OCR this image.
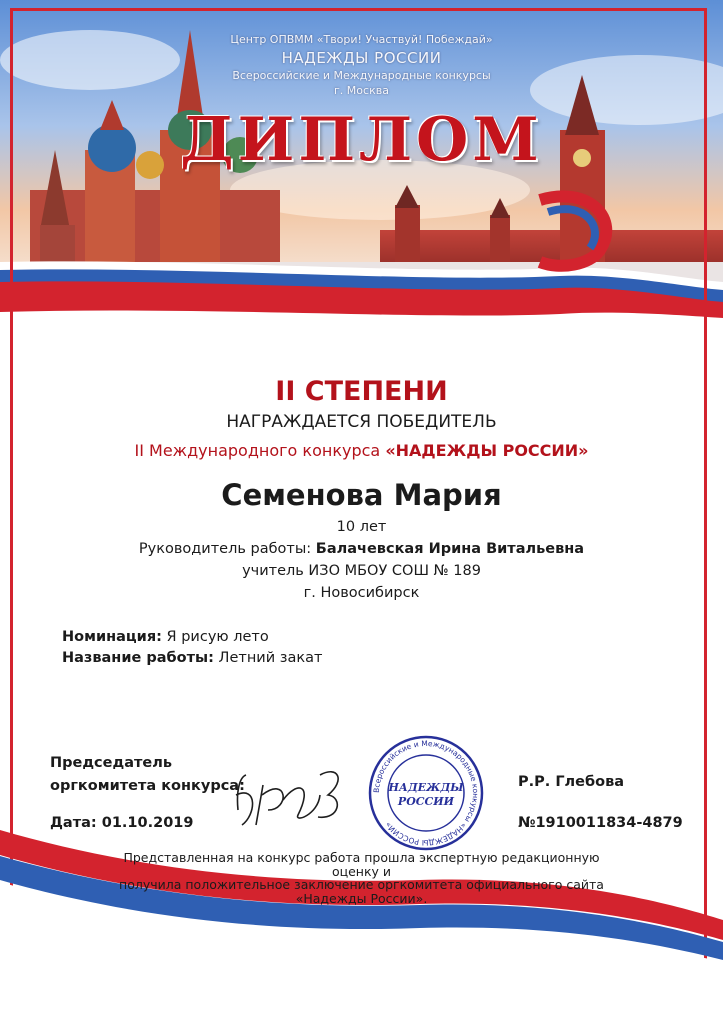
Центр ОПВММ «Твори! Участвуй! Побеждай»
НАДЕЖДЫ РОССИИ
Всероссийские и Международные конкурсы
г. Москва
ДИПЛОМ
II СТЕПЕНИ
НАГРАЖДАЕТСЯ ПОБЕДИТЕЛЬ
II Международного конкурса «НАДЕЖДЫ РОССИИ»
Семенова Мария
10 лет
Руководитель работы: Балачевская Ирина Витальевна
учитель ИЗО МБОУ СОШ № 189
г. Новосибирск
Номинация: Я рисую лето
Название работы: Летний закат
Председатель
оргкомитета конкурса:	Всероссийские и Международные конкурсы «НАДЕЖДЫ РОССИИ»
НАДЕЖДЫ
РОССИИ
Р.Р. Глебова
Дата: 01.10.2019	№1910011834-4879
Представленная на конкурс работа прошла экспертную редакционную оценку и
получила положительное заключение оргкомитета официального сайта
«Надежды России».
